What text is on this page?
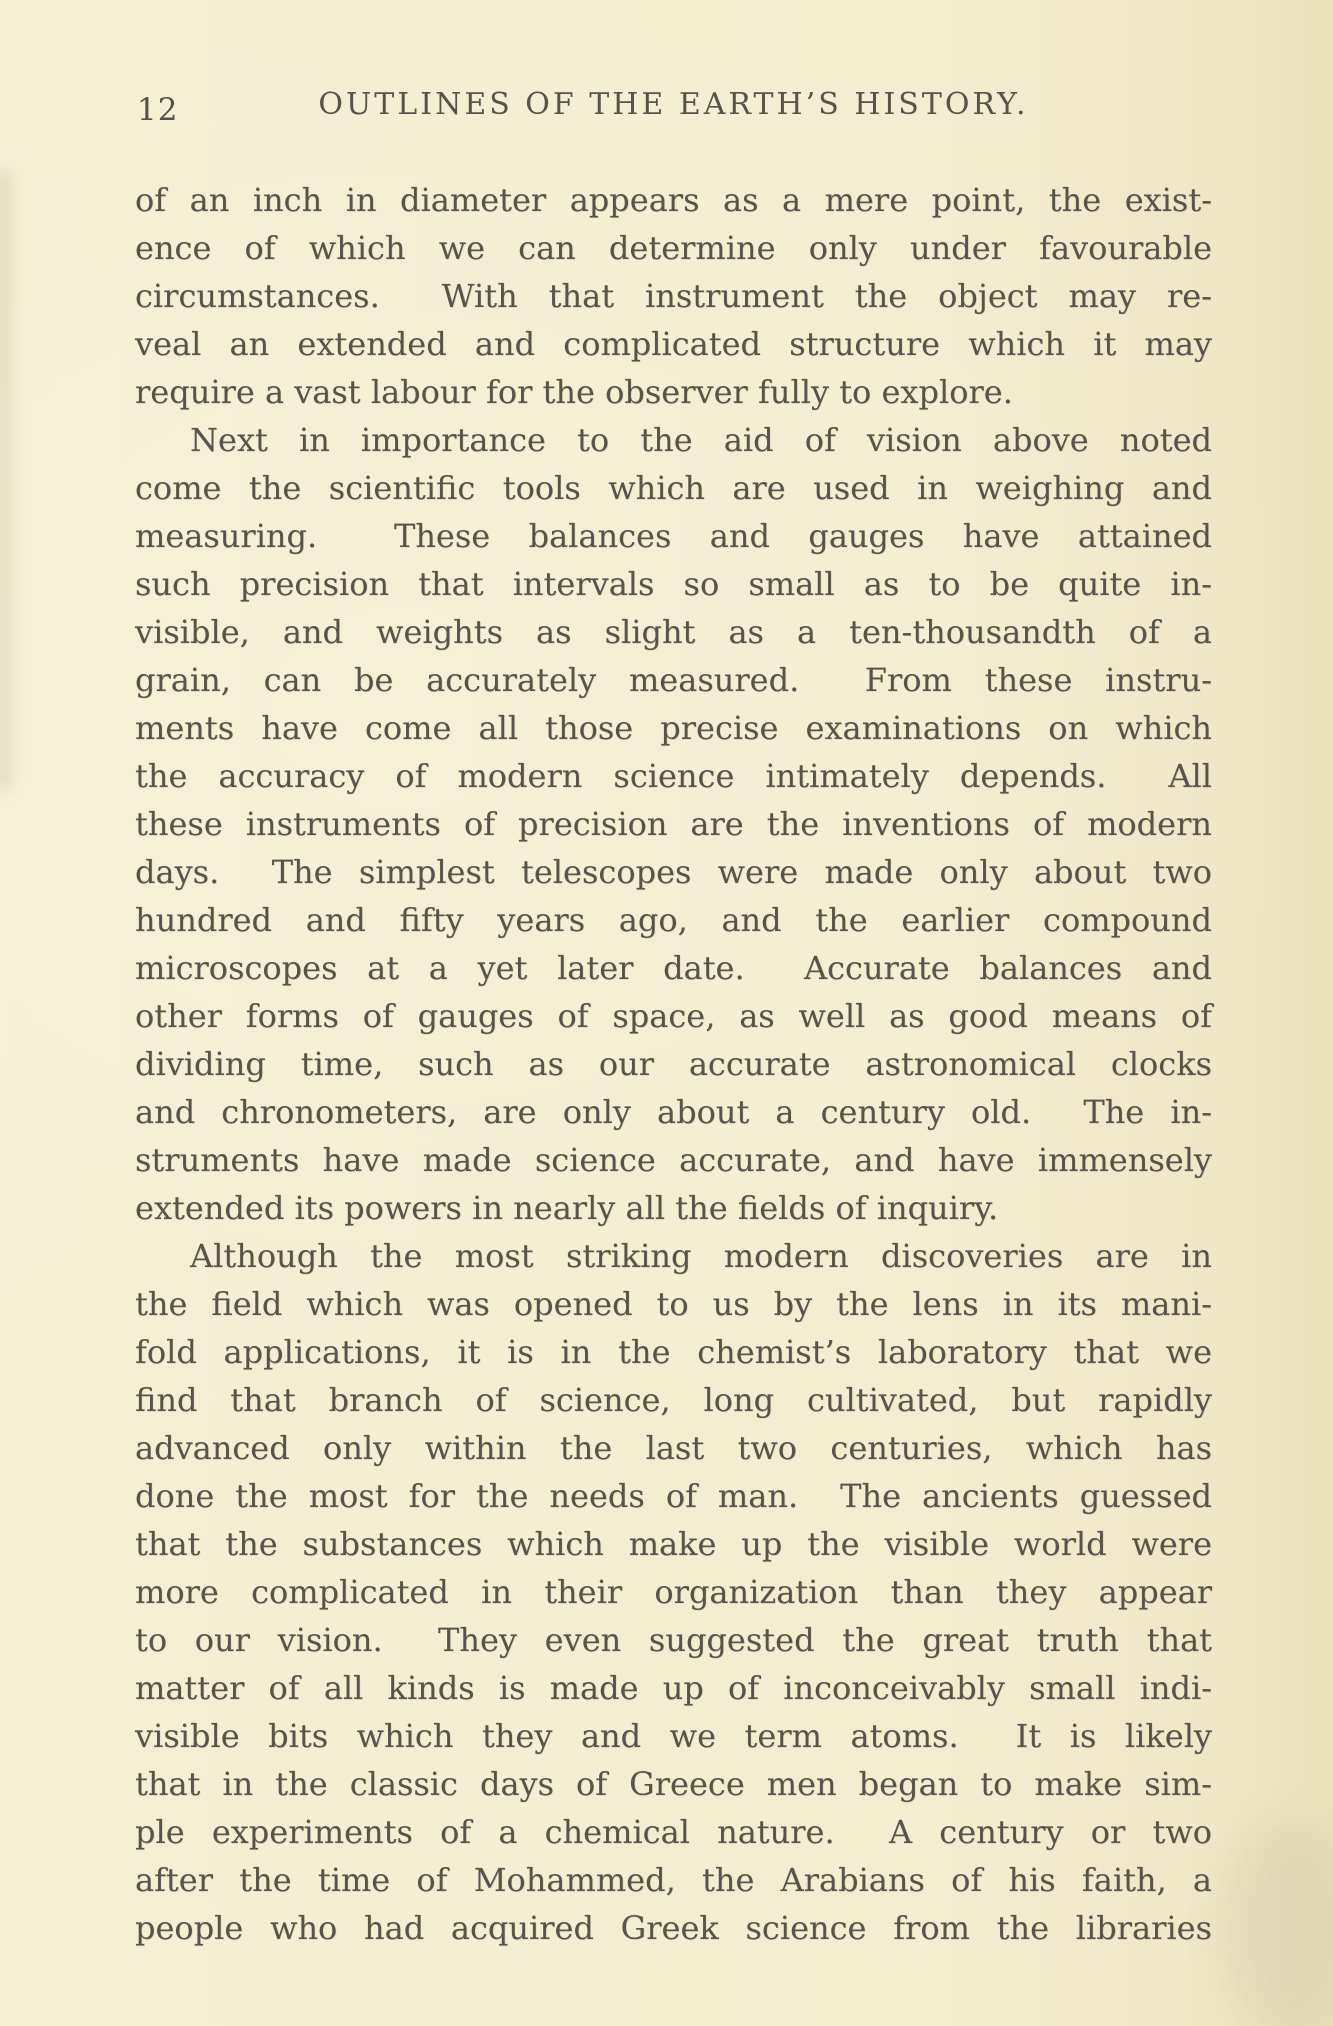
12	OUTLINES OF THE EARTH’S HISTORY.
of an inch in diameter appears as a mere point, the exist-
ence of which we can determine only under favourable
circumstances.  With that instrument the object may re-
veal an extended and complicated structure which it may
require a vast labour for the observer fully to explore.
Next in importance to the aid of vision above noted
come the scientific tools which are used in weighing and
measuring.  These balances and gauges have attained
such precision that intervals so small as to be quite in-
visible, and weights as slight as a ten-thousandth of a
grain, can be accurately measured.  From these instru-
ments have come all those precise examinations on which
the accuracy of modern science intimately depends.  All
these instruments of precision are the inventions of modern
days.  The simplest telescopes were made only about two
hundred and fifty years ago, and the earlier compound
microscopes at a yet later date.  Accurate balances and
other forms of gauges of space, as well as good means of
dividing time, such as our accurate astronomical clocks
and chronometers, are only about a century old.  The in-
struments have made science accurate, and have immensely
extended its powers in nearly all the fields of inquiry.
Although the most striking modern discoveries are in
the field which was opened to us by the lens in its mani-
fold applications, it is in the chemist’s laboratory that we
find that branch of science, long cultivated, but rapidly
advanced only within the last two centuries, which has
done the most for the needs of man.  The ancients guessed
that the substances which make up the visible world were
more complicated in their organization than they appear
to our vision.  They even suggested the great truth that
matter of all kinds is made up of inconceivably small indi-
visible bits which they and we term atoms.  It is likely
that in the classic days of Greece men began to make sim-
ple experiments of a chemical nature.  A century or two
after the time of Mohammed, the Arabians of his faith, a
people who had acquired Greek science from the libraries
